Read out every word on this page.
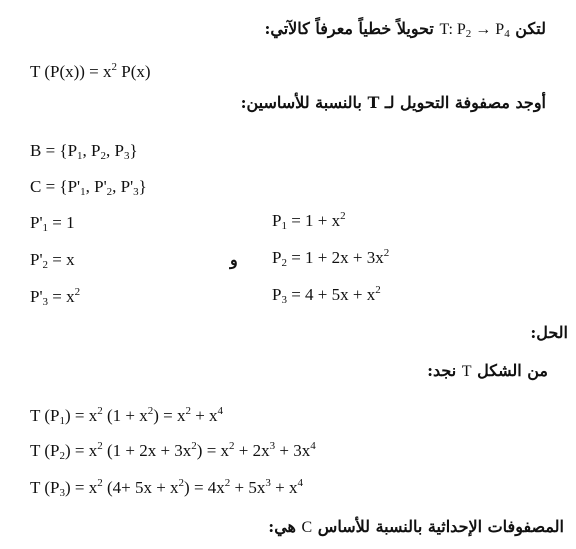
لتكن T: $P_2 \to P_4$ تحويلاً خطياً معرفاً كالآتي:
T $(P(x)) = x^2$ P(x)
أوجد مصفوفة التحويل لـ T بالنسبة للأساسين:
$B = \{P_1$, $P_2$, $P_3$}
$C = \{P'_1$, $P'_2$, $P'_3$}
$P'_1 = 1$
$P'_2 = x$
$P'_3 = x^2$
و
$P_1 = 1 + x^2$
$P_2 = 1 + 2x + 3x^2$
$P_3 = 4 + 5x + x^2$
الحل:
من الشكل T نجد:
T $(P_1) = x^2$ $(1 + x^2) = x^2 + x^4$
T $(P_2) = x^2$ $(1 + 2x + 3x^2) = x^2 + 2x^3 + 3x^4$
T $(P_3) = x^2$ $(4+ 5x + x^2) = 4x^2 + 5x^3 + x^4$
المصفوفات الإحداثية بالنسبة للأساس C هي:
